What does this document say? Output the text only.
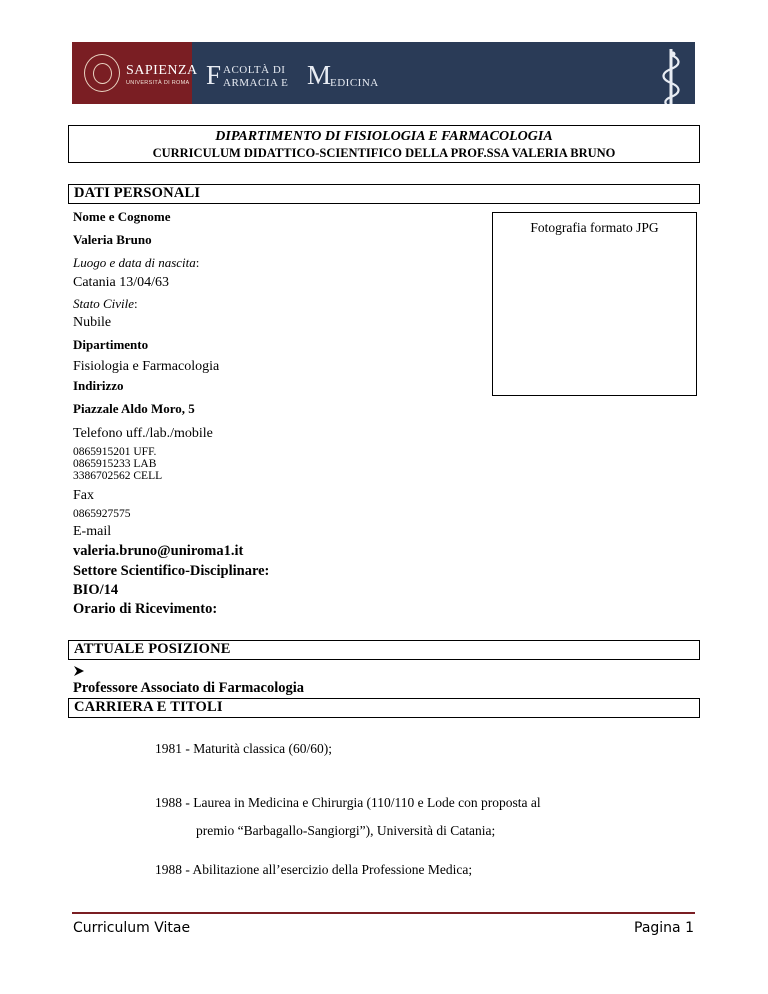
SAPIENZA
UNIVERSITÀ DI ROMA F ACOLTÀ DI
ARMACIA E M
EDICINA
DIPARTIMENTO DI FISIOLOGIA E FARMACOLOGIA
CURRICULUM DIDATTICO-SCIENTIFICO DELLA PROF.SSA VALERIA BRUNO
DATI PERSONALI
Nome e Cognome
Valeria Bruno
Luogo e data di nascita:
Catania 13/04/63
Stato Civile:
Nubile
Dipartimento
Fisiologia e Farmacologia
Indirizzo
Piazzale Aldo Moro, 5
Telefono uff./lab./mobile
0865915201 UFF.
0865915233 LAB
3386702562 CELL
Fax
0865927575
E-mail
valeria.bruno@uniroma1.it
Settore Scientifico-Disciplinare:
BIO/14
Orario di Ricevimento:
Fotografia formato JPG
ATTUALE POSIZIONE
Professore Associato di Farmacologia
CARRIERA E TITOLI
1981 - Maturità classica (60/60);
1988 - Laurea in Medicina e Chirurgia (110/110 e Lode con proposta al
premio “Barbagallo-Sangiorgi”), Università di Catania;
1988 - Abilitazione all’esercizio della Professione Medica;
Curriculum Vitae	Pagina 1
